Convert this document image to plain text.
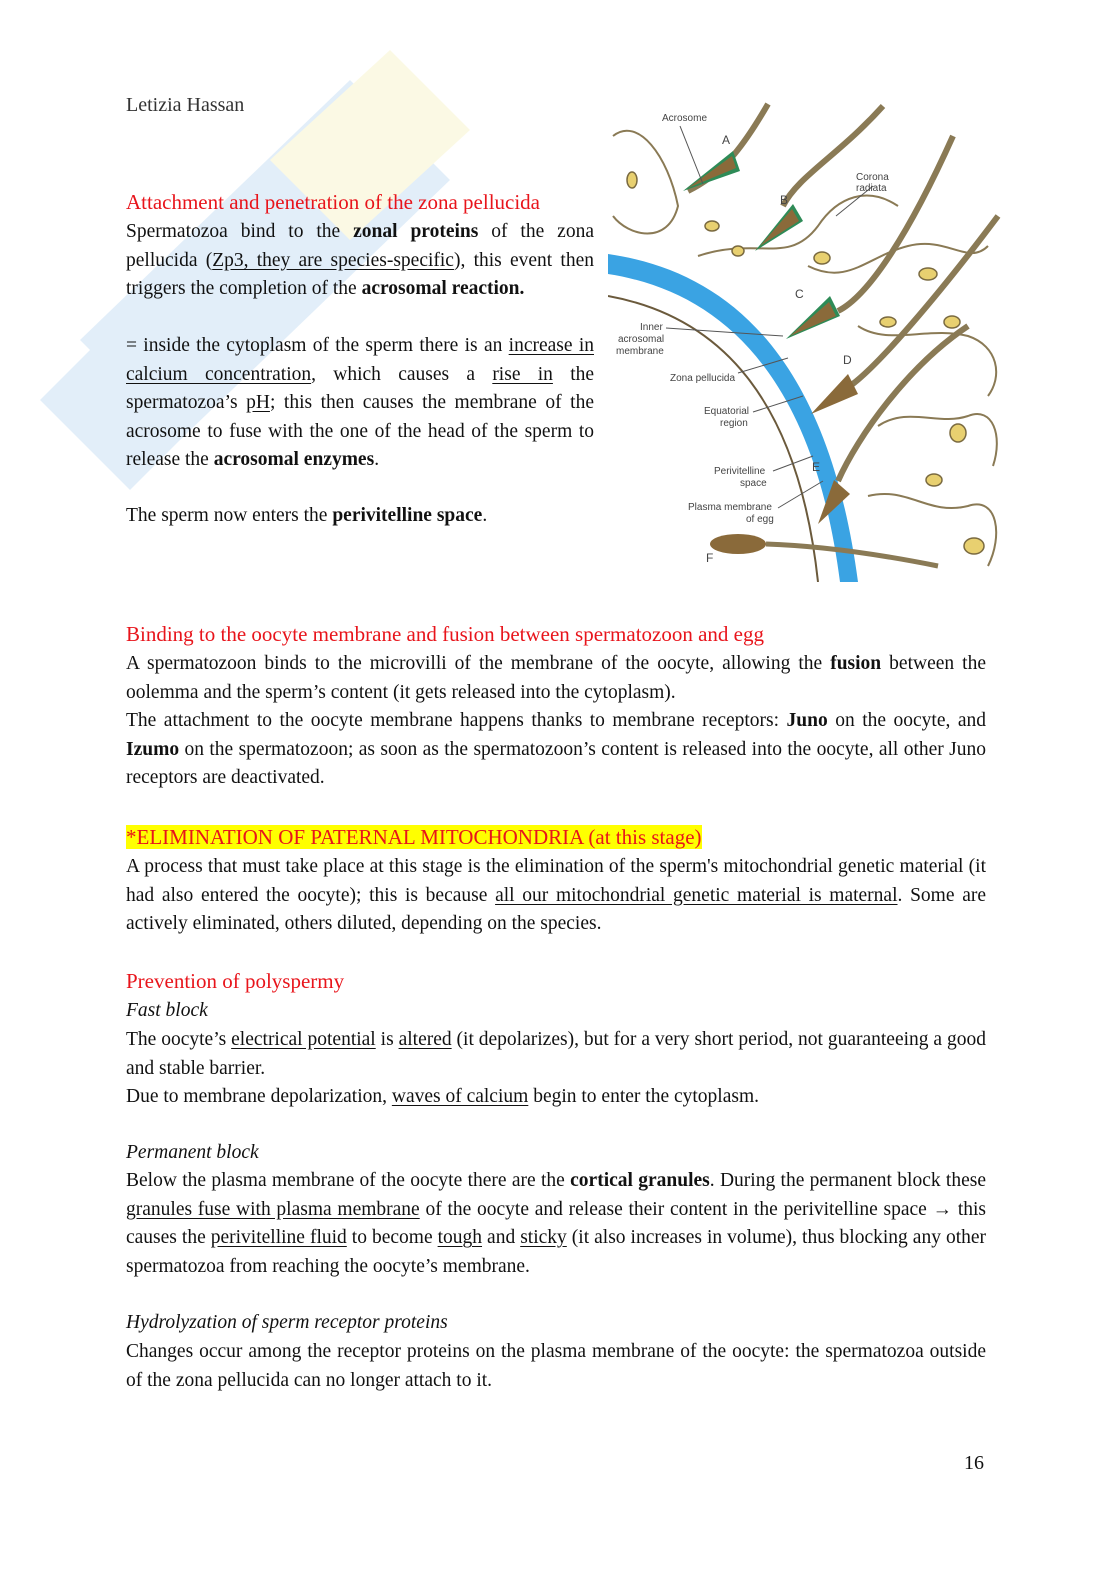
Letizia Hassan
Attachment and penetration of the zona pellucida
Spermatozoa bind to the zonal proteins of the zona pellucida (Zp3, they are species-specific), this event then triggers the completion of the acrosomal reaction.
= inside the cytoplasm of the sperm there is an increase in calcium concentration, which causes a rise in the spermatozoa’s pH; this then causes the membrane of the acrosome to fuse with the one of the head of the sperm to release the acrosomal enzymes.
The sperm now enters the perivitelline space.
Acrosome
Corona
radiata
Inner
acrosomal
membrane
Zona pellucida
Equatorial
region
Perivitelline
space
Plasma membrane
of egg
A
B
C
D
E
F
Binding to the oocyte membrane and fusion between spermatozoon and egg
A spermatozoon binds to the microvilli of the membrane of the oocyte, allowing the fusion between the oolemma and the sperm’s content (it gets released into the cytoplasm).
The attachment to the oocyte membrane happens thanks to membrane receptors: Juno on the oocyte, and Izumo on the spermatozoon; as soon as the spermatozoon’s content is released into the oocyte, all other Juno receptors are deactivated.
*ELIMINATION OF PATERNAL MITOCHONDRIA (at this stage)
A process that must take place at this stage is the elimination of the sperm's mitochondrial genetic material (it had also entered the oocyte); this is because all our mitochondrial genetic material is maternal. Some are actively eliminated, others diluted, depending on the species.
Prevention of polyspermy
Fast block
The oocyte’s electrical potential is altered (it depolarizes), but for a very short period, not guaranteeing a good and stable barrier.
Due to membrane depolarization, waves of calcium begin to enter the cytoplasm.
Permanent block
Below the plasma membrane of the oocyte there are the cortical granules. During the permanent block these granules fuse with plasma membrane of the oocyte and release their content in the perivitelline space → this causes the perivitelline fluid to become tough and sticky (it also increases in volume), thus blocking any other spermatozoa from reaching the oocyte’s membrane.
Hydrolyzation of sperm receptor proteins
Changes occur among the receptor proteins on the plasma membrane of the oocyte: the spermatozoa outside of the zona pellucida can no longer attach to it.
16
